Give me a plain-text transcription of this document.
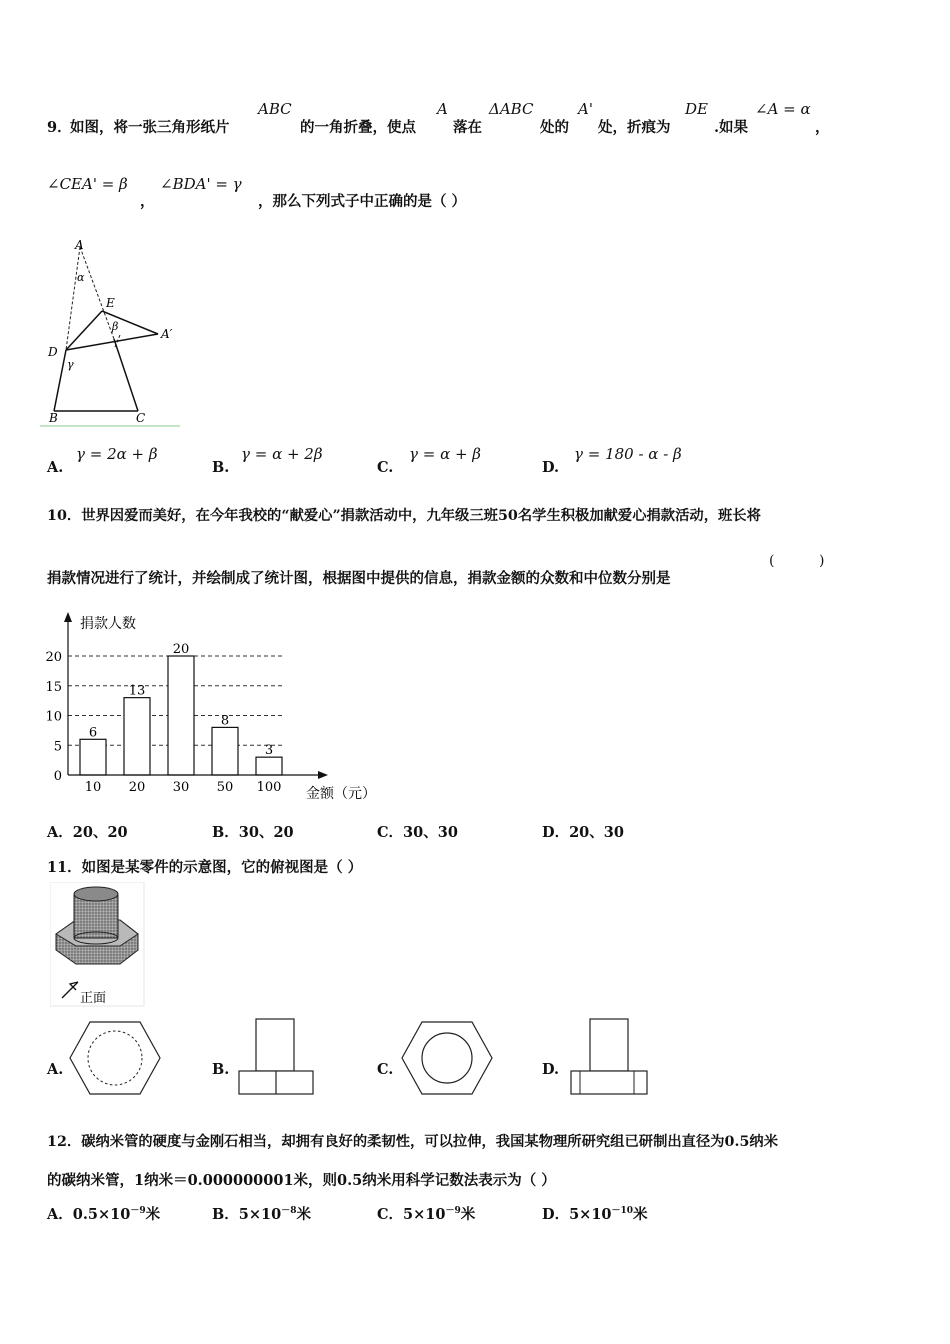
9．
如图，将一张三角形纸片
ABC
的一角折叠，使点
A
落在
ΔABC
处的
A'
处，折痕为
DE
.如果
∠A = α
，
∠CEA' = β
，
∠BDA' = γ
，那么下列式子中正确的是（ ）
A
α
E
β
A′
D
γ
B	C
A.
γ = 2α + β
B.
γ = α + 2β
C.
γ = α + β
D.
γ = 180 - α - β
10．世界因爱而美好，在今年我校的“献爱心”捐款活动中，九年级三班50名学生积极加献爱心捐款活动，班长将
捐款情况进行了统计，并绘制成了统计图，根据图中提供的信息，捐款金额的众数和中位数分别是
(          )
0
5
10
15
20
6
10
13
20
20
30
8
50
3
100
捐款人数
金额（元）
A．20、20	B．30、20	C．30、30	D．20、30
11．如图是某零件的示意图，它的俯视图是（ ）
正面
A.	B.	C.	D.
12．碳纳米管的硬度与金刚石相当，却拥有良好的柔韧性，可以拉伸，我国某物理所研究组已研制出直径为0.5纳米
的碳纳米管，1纳米＝0.000000001米，则0.5纳米用科学记数法表示为（ ）
A．$0.5\times 10^{-9}$米	B．$5\times 10^{-8}$米	C．$5\times 10^{-9}$米	D．$5\times 10^{-10}$米
